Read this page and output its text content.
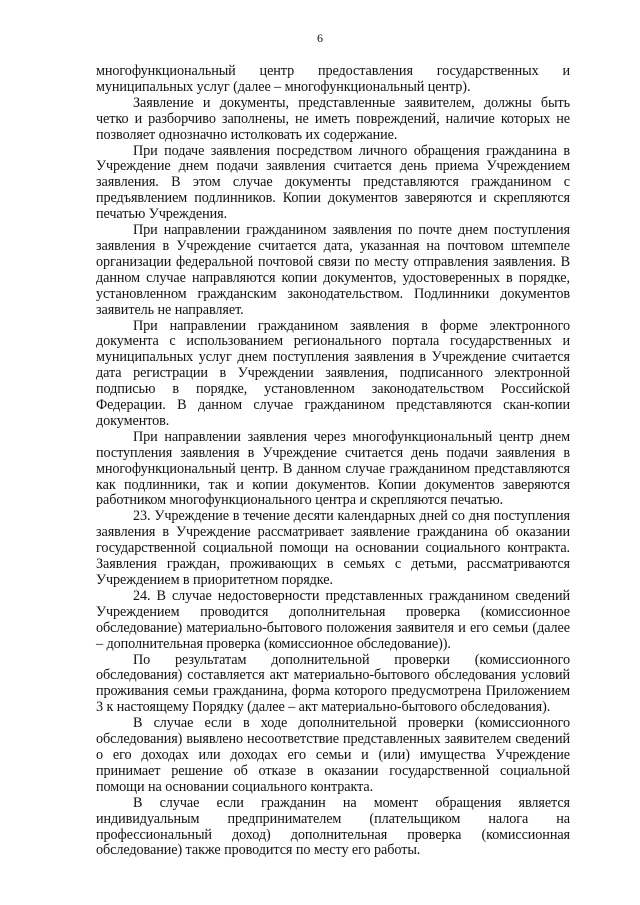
6

многофункциональный центр предоставления государственных и муниципальных услуг (далее – многофункциональный центр).

Заявление и документы, представленные заявителем, должны быть четко и разборчиво заполнены, не иметь повреждений, наличие которых не позволяет однозначно истолковать их содержание.

При подаче заявления посредством личного обращения гражданина в Учреждение днем подачи заявления считается день приема Учреждением заявления. В этом случае документы представляются гражданином с предъявлением подлинников. Копии документов заверяются и скрепляются печатью Учреждения.

При направлении гражданином заявления по почте днем поступления заявления в Учреждение считается дата, указанная на почтовом штемпеле организации федеральной почтовой связи по месту отправления заявления. В данном случае направляются копии документов, удостоверенных в порядке, установленном гражданским законодательством. Подлинники документов заявитель не направляет.

При направлении гражданином заявления в форме электронного документа с использованием регионального портала государственных и муниципальных услуг днем поступления заявления в Учреждение считается дата регистрации в Учреждении заявления, подписанного электронной подписью в порядке, установленном законодательством Российской Федерации. В данном случае гражданином представляются скан-копии документов.

При направлении заявления через многофункциональный центр днем поступления заявления в Учреждение считается день подачи заявления в многофункциональный центр. В данном случае гражданином представляются как подлинники, так и копии документов. Копии документов заверяются работником многофункционального центра и скрепляются печатью.

23. Учреждение в течение десяти календарных дней со дня поступления заявления в Учреждение рассматривает заявление гражданина об оказании государственной социальной помощи на основании социального контракта. Заявления граждан, проживающих в семьях с детьми, рассматриваются Учреждением в приоритетном порядке.

24. В случае недостоверности представленных гражданином сведений Учреждением проводится дополнительная проверка (комиссионное обследование) материально-бытового положения заявителя и его семьи (далее – дополнительная проверка (комиссионное обследование)).

По результатам дополнительной проверки (комиссионного обследования) составляется акт материально-бытового обследования условий проживания семьи гражданина, форма которого предусмотрена Приложением 3 к настоящему Порядку (далее – акт материально-бытового обследования).

В случае если в ходе дополнительной проверки (комиссионного обследования) выявлено несоответствие представленных заявителем сведений о его доходах или доходах его семьи и (или) имущества Учреждение принимает решение об отказе в оказании государственной социальной помощи на основании социального контракта.

В случае если гражданин на момент обращения является индивидуальным предпринимателем (плательщиком налога на профессиональный доход) дополнительная проверка (комиссионная обследование) также проводится по месту его работы.
